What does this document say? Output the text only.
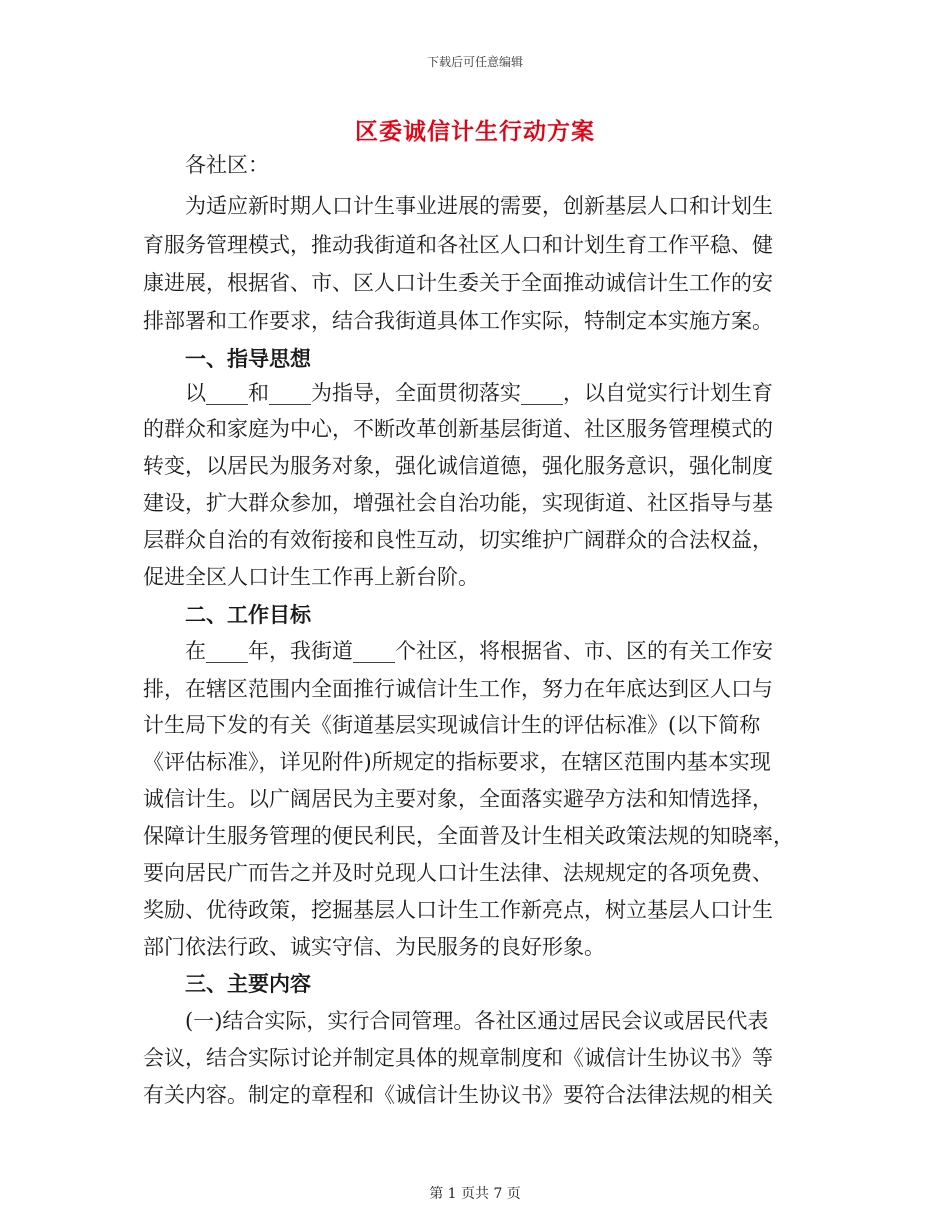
下载后可任意编辑
区委诚信计生行动方案
各社区：
为适应新时期人口计生事业进展的需要，创新基层人口和计划生
育服务管理模式，推动我街道和各社区人口和计划生育工作平稳、健
康进展，根据省、市、区人口计生委关于全面推动诚信计生工作的安
排部署和工作要求，结合我街道具体工作实际，特制定本实施方案。
一、指导思想
以____和____为指导，全面贯彻落实____，以自觉实行计划生育
的群众和家庭为中心，不断改革创新基层街道、社区服务管理模式的
转变，以居民为服务对象，强化诚信道德，强化服务意识，强化制度
建设，扩大群众参加，增强社会自治功能，实现街道、社区指导与基
层群众自治的有效衔接和良性互动，切实维护广阔群众的合法权益，
促进全区人口计生工作再上新台阶。
二、工作目标
在____年，我街道____个社区，将根据省、市、区的有关工作安
排，在辖区范围内全面推行诚信计生工作，努力在年底达到区人口与
计生局下发的有关《街道基层实现诚信计生的评估标准》(以下简称
《评估标准》，详见附件)所规定的指标要求，在辖区范围内基本实现
诚信计生。以广阔居民为主要对象，全面落实避孕方法和知情选择，
保障计生服务管理的便民利民，全面普及计生相关政策法规的知晓率，
要向居民广而告之并及时兑现人口计生法律、法规规定的各项免费、
奖励、优待政策，挖掘基层人口计生工作新亮点，树立基层人口计生
部门依法行政、诚实守信、为民服务的良好形象。
三、主要内容
(一)结合实际，实行合同管理。各社区通过居民会议或居民代表
会议，结合实际讨论并制定具体的规章制度和《诚信计生协议书》等
有关内容。制定的章程和《诚信计生协议书》要符合法律法规的相关
第 1 页共 7 页
